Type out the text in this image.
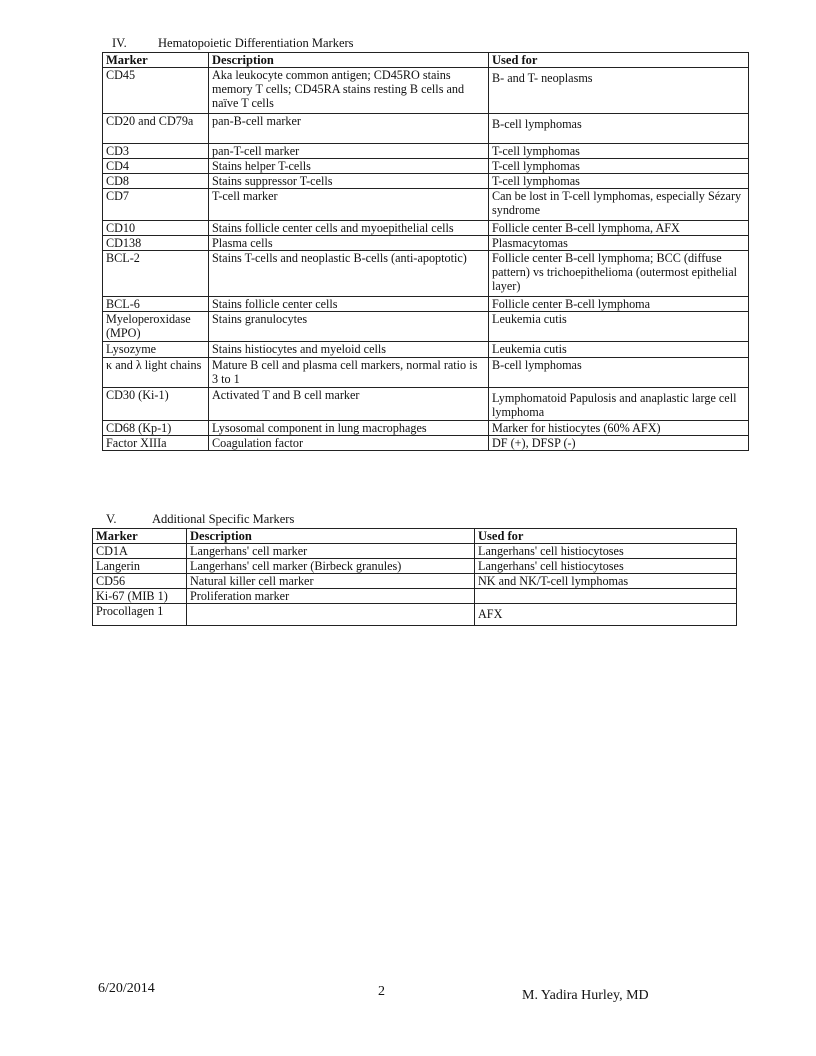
IV.	Hematopoietic Differentiation Markers
Marker	Description	Used for
CD45	Aka leukocyte common antigen; CD45RO stains memory T cells; CD45RA stains resting B cells and naïve T cells	B- and T- neoplasms
CD20 and CD79a	pan-B-cell marker	B-cell lymphomas
CD3	pan-T-cell marker	T-cell lymphomas
CD4	Stains helper T-cells	T-cell lymphomas
CD8	Stains suppressor T-cells	T-cell lymphomas
CD7	T-cell marker	Can be lost in T-cell lymphomas, especially Sézary syndrome
CD10	Stains follicle center cells and myoepithelial cells	Follicle center B-cell lymphoma, AFX
CD138	Plasma cells	Plasmacytomas
BCL-2	Stains T-cells and neoplastic B-cells (anti-apoptotic)	Follicle center B-cell lymphoma; BCC (diffuse pattern) vs trichoepithelioma (outermost epithelial layer)
BCL-6	Stains follicle center cells	Follicle center B-cell lymphoma
Myeloperoxidase (MPO)	Stains granulocytes	Leukemia cutis
Lysozyme	Stains histiocytes and myeloid cells	Leukemia cutis
κ and λ light chains	Mature B cell and plasma cell markers, normal ratio is 3 to 1	B-cell lymphomas
CD30 (Ki-1)	Activated T and B cell marker	Lymphomatoid Papulosis and anaplastic large cell lymphoma
CD68 (Kp-1)	Lysosomal component in lung macrophages	Marker for histiocytes (60% AFX)
Factor XIIIa	Coagulation factor	DF (+), DFSP (-)
V.	Additional Specific Markers
Marker	Description	Used for
CD1A	Langerhans' cell marker	Langerhans' cell histiocytoses
Langerin	Langerhans' cell marker (Birbeck granules)	Langerhans' cell histiocytoses
CD56	Natural killer cell marker	NK and NK/T-cell lymphomas
Ki-67 (MIB 1)	Proliferation marker	
Procollagen 1		AFX
6/20/2014	2	M. Yadira Hurley, MD
